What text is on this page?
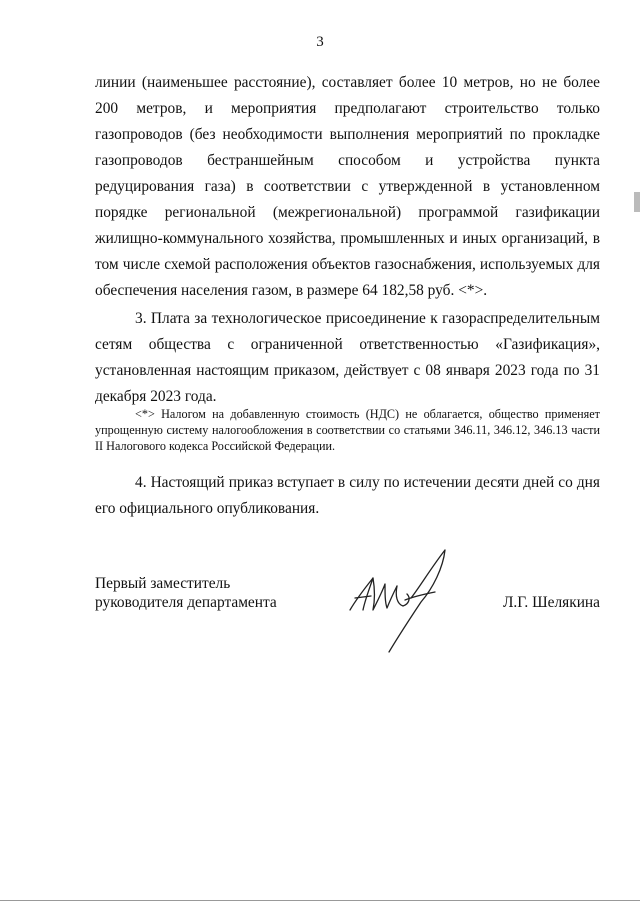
3

линии (наименьшее расстояние), составляет более 10 метров, но не более 200 метров, и мероприятия предполагают строительство только газопроводов (без необходимости выполнения мероприятий по прокладке газопроводов бестраншейным способом и устройства пункта редуцирования газа) в соответствии с утвержденной в установленном порядке региональной (межрегиональной) программой газификации жилищно-коммунального хозяйства, промышленных и иных организаций, в том числе схемой расположения объектов газоснабжения, используемых для обеспечения населения газом, в размере 64 182,58 руб. <*>.

3. Плата за технологическое присоединение к газораспределительным сетям общества с ограниченной ответственностью «Газификация», установленная настоящим приказом, действует с 08 января 2023 года по 31 декабря 2023 года.

<*> Налогом на добавленную стоимость (НДС) не облагается, общество применяет упрощенную систему налогообложения в соответствии со статьями 346.11, 346.12, 346.13 части II Налогового кодекса Российской Федерации.

4. Настоящий приказ вступает в силу по истечении десяти дней со дня его официального опубликования.

Первый заместитель
руководителя департамента	Л.Г. Шелякина
